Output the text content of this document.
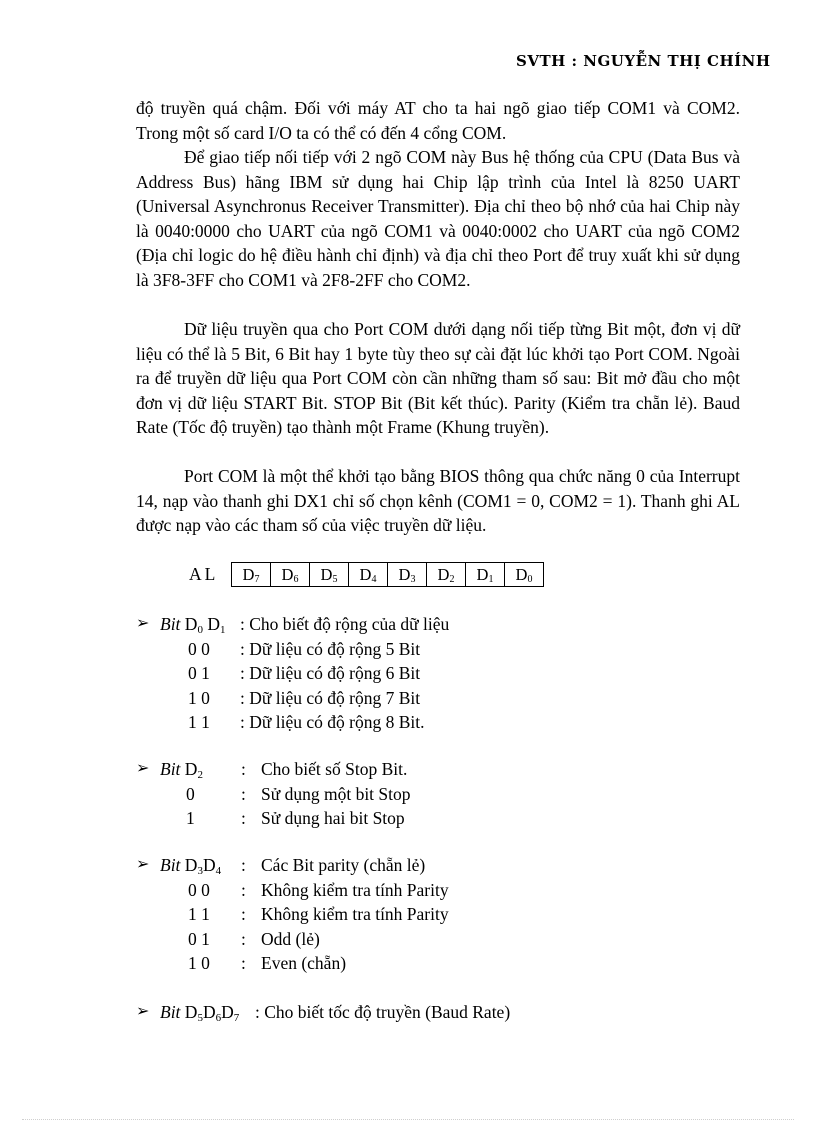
SVTH : NGUYỄN THỊ CHÍNH

độ truyền quá chậm. Đối với máy AT cho ta hai ngõ giao tiếp COM1 và COM2. Trong một số card I/O ta có thể có đến 4 cổng COM.

Để giao tiếp nối tiếp với 2 ngõ COM này Bus hệ thống của CPU (Data Bus và Address Bus) hãng IBM sử dụng hai Chip lập trình của Intel là 8250 UART (Universal Asynchronus Receiver Transmitter). Địa chỉ theo bộ nhớ của hai Chip này là 0040:0000 cho UART của ngõ COM1 và 0040:0002 cho UART của ngõ COM2 (Địa chỉ logic do hệ điều hành chỉ định) và địa chỉ theo Port để truy xuất khi sử dụng là 3F8-3FF cho COM1 và 2F8-2FF cho COM2.

Dữ liệu truyền qua cho Port COM dưới dạng nối tiếp từng Bit một, đơn vị dữ liệu có thể là 5 Bit, 6 Bit hay 1 byte tùy theo sự cài đặt lúc khởi tạo Port COM. Ngoài ra để truyền dữ liệu qua Port COM còn cần những tham số sau: Bit mở đầu cho một đơn vị dữ liệu START Bit. STOP Bit (Bit kết thúc). Parity (Kiểm tra chẵn lẻ). Baud Rate (Tốc độ truyền) tạo thành một Frame (Khung truyền).

Port COM là một thể khởi tạo bằng BIOS thông qua chức năng 0 của Interrupt 14, nạp vào thanh ghi DX1 chỉ số chọn kênh (COM1 = 0, COM2 = 1). Thanh ghi AL được nạp vào các tham số của việc truyền dữ liệu.

AL	$D_7$	$D_6$	$D_5$	$D_4$	$D_3$	$D_2$	$D_1$	$D_0$
➢ Bit $D_0$ $D_1$ : Cho biết độ rộng của dữ liệu
0 0 : Dữ liệu có độ rộng 5 Bit
0 1 : Dữ liệu có độ rộng 6 Bit
1 0 : Dữ liệu có độ rộng 7 Bit
1 1 : Dữ liệu có độ rộng 8 Bit.
➢ Bit $D_2$ : Cho biết số Stop Bit.
0	: Sử dụng một bit Stop
1	: Sử dụng hai bit Stop
➢ Bit $D_3D_4$ : Các Bit parity (chẵn lẻ)
0 0 : Không kiểm tra tính Parity
1 1 : Không kiểm tra tính Parity
0 1 : Odd (lẻ)
1 0 : Even (chẵn)
➢ Bit $D_5D_6D_7$ : Cho biết tốc độ truyền (Baud Rate)
